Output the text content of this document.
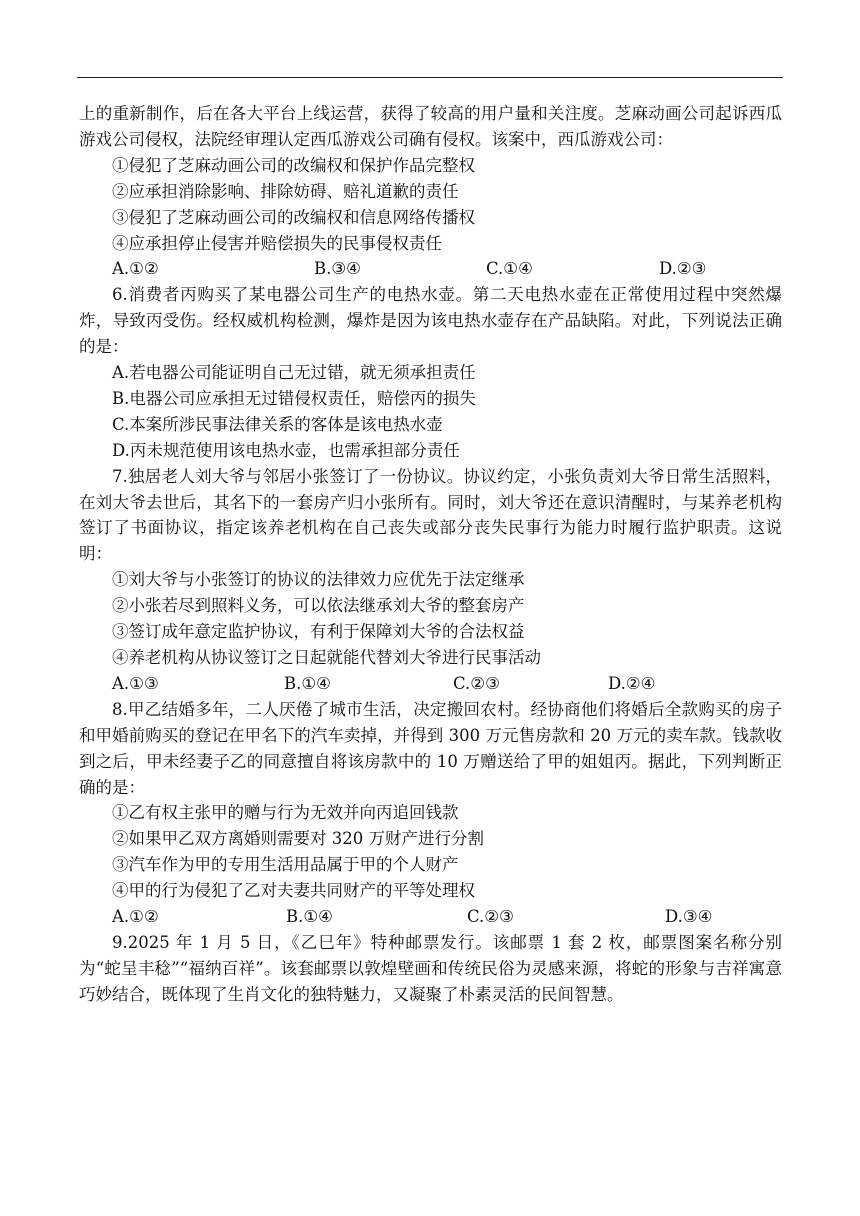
上的重新制作，后在各大平台上线运营，获得了较高的用户量和关注度。芝麻动画公司起诉西瓜游戏公司侵权，法院经审理认定西瓜游戏公司确有侵权。该案中，西瓜游戏公司：

①侵犯了芝麻动画公司的改编权和保护作品完整权
②应承担消除影响、排除妨碍、赔礼道歉的责任
③侵犯了芝麻动画公司的改编权和信息网络传播权
④应承担停止侵害并赔偿损失的民事侵权责任
A.①②	B.③④	C.①④	D.②③

6.消费者丙购买了某电器公司生产的电热水壶。第二天电热水壶在正常使用过程中突然爆炸，导致丙受伤。经权威机构检测，爆炸是因为该电热水壶存在产品缺陷。对此，下列说法正确的是：

A.若电器公司能证明自己无过错，就无须承担责任
B.电器公司应承担无过错侵权责任，赔偿丙的损失
C.本案所涉民事法律关系的客体是该电热水壶
D.丙未规范使用该电热水壶，也需承担部分责任

7.独居老人刘大爷与邻居小张签订了一份协议。协议约定，小张负责刘大爷日常生活照料，在刘大爷去世后，其名下的一套房产归小张所有。同时，刘大爷还在意识清醒时，与某养老机构签订了书面协议，指定该养老机构在自己丧失或部分丧失民事行为能力时履行监护职责。这说明：

①刘大爷与小张签订的协议的法律效力应优先于法定继承
②小张若尽到照料义务，可以依法继承刘大爷的整套房产
③签订成年意定监护协议，有利于保障刘大爷的合法权益
④养老机构从协议签订之日起就能代替刘大爷进行民事活动
A.①③	B.①④	C.②③	D.②④

8.甲乙结婚多年，二人厌倦了城市生活，决定搬回农村。经协商他们将婚后全款购买的房子和甲婚前购买的登记在甲名下的汽车卖掉，并得到 300 万元售房款和 20 万元的卖车款。钱款收到之后，甲未经妻子乙的同意擅自将该房款中的 10 万赠送给了甲的姐姐丙。据此，下列判断正确的是：

①乙有权主张甲的赠与行为无效并向丙追回钱款
②如果甲乙双方离婚则需要对 320 万财产进行分割
③汽车作为甲的专用生活用品属于甲的个人财产
④甲的行为侵犯了乙对夫妻共同财产的平等处理权
A.①②	B.①④	C.②③	D.③④

9.2025 年 1 月 5 日，《乙巳年》特种邮票发行。该邮票 1 套 2 枚，邮票图案名称分别为“蛇呈丰稔”“福纳百祥”。该套邮票以敦煌壁画和传统民俗为灵感来源，将蛇的形象与吉祥寓意巧妙结合，既体现了生肖文化的独特魅力，又凝聚了朴素灵活的民间智慧。
